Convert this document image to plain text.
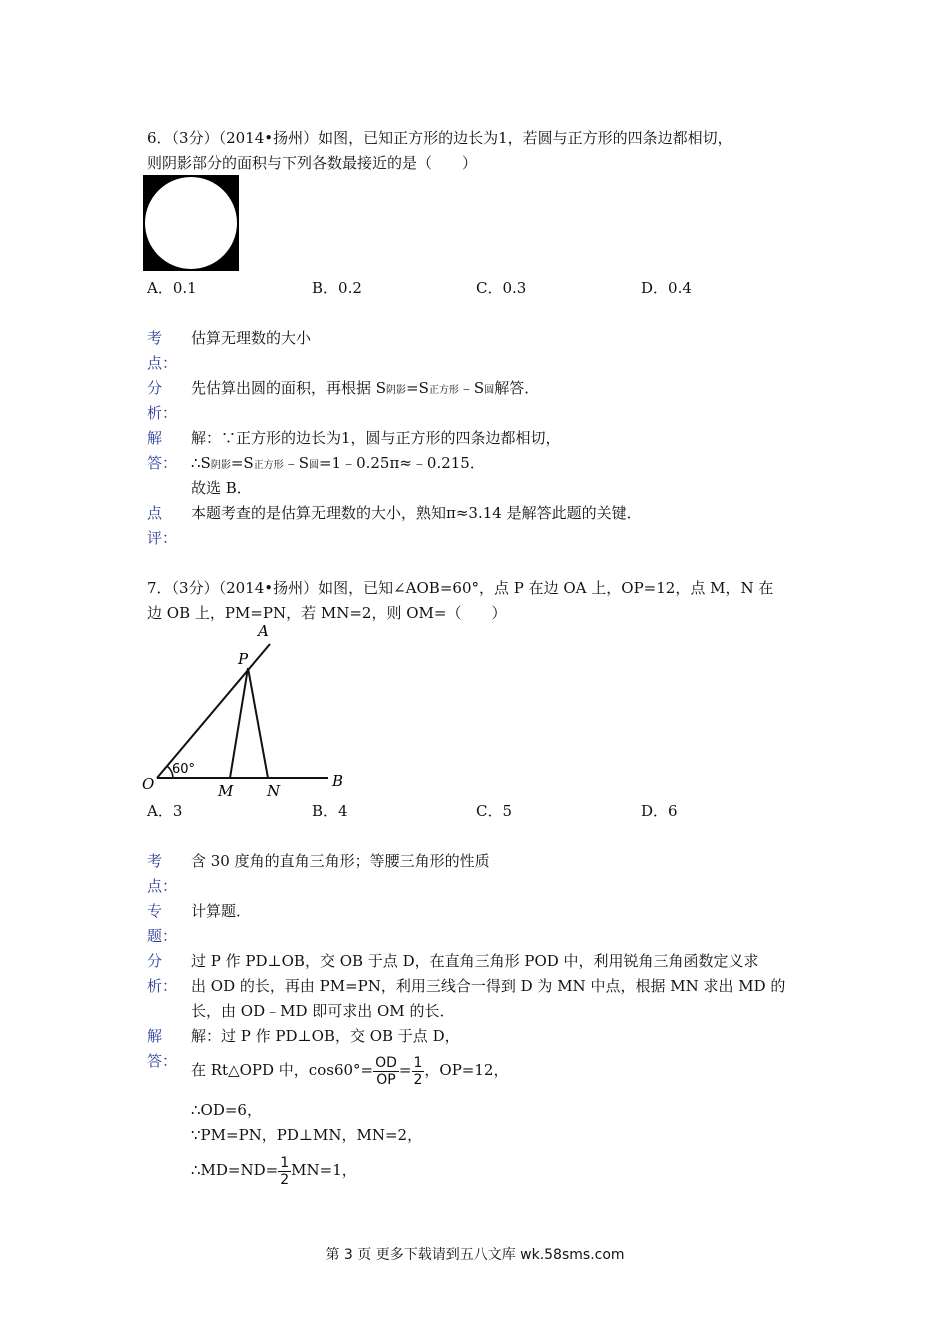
6．（3分）（2014•扬州）如图，已知正方形的边长为1，若圆与正方形的四条边都相切，
则阴影部分的面积与下列各数最接近的是（　　）
A．0.1	B．0.2	C．0.3	D．0.4
考
点：
估算无理数的大小
分
析：
先估算出圆的面积，再根据 S阴影=S正方形﹣S圆解答．
解
答：
解：∵正方形的边长为1，圆与正方形的四条边都相切，
∴S阴影=S正方形﹣S圆=1﹣0.25π≈﹣0.215．
故选 B．
点
评：
本题考查的是估算无理数的大小，熟知π≈3.14 是解答此题的关键．
7．（3分）（2014•扬州）如图，已知∠AOB=60°，点 P 在边 OA 上，OP=12，点 M，N 在
边 OB 上，PM=PN，若 MN=2，则 OM=（　　）
A
P
O
60°
M N
B
A．3	B．4	C．5	D．6
考
点：
含 30 度角的直角三角形；等腰三角形的性质
专
题：
计算题．
分
析：
过 P 作 PD⊥OB，交 OB 于点 D，在直角三角形 POD 中，利用锐角三角函数定义求
出 OD 的长，再由 PM=PN，利用三线合一得到 D 为 MN 中点，根据 MN 求出 MD 的
长，由 OD﹣MD 即可求出 OM 的长．
解
答：
解：过 P 作 PD⊥OB，交 OB 于点 D，
在 Rt△OPD 中，$\cos 60^\circ= \frac{OD}{OP} = \frac{1}{2}$ ，OP=12，
∴OD=6，
∵PM=PN，PD⊥MN，MN=2，
∴MD=ND= $\frac{1}{2} MN=1$，
第 3 页 更多下载请到五八文库 wk.58sms.com
